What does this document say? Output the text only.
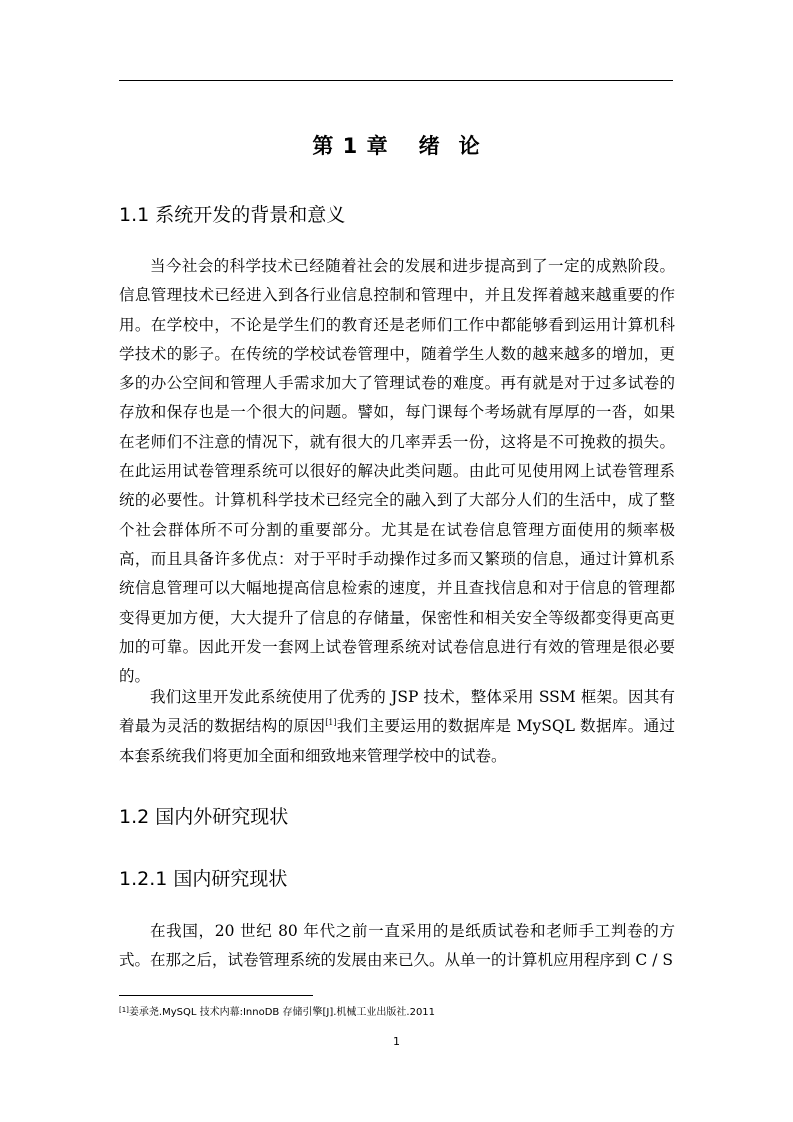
第 1 章 绪 论
1.1 系统开发的背景和意义

当今社会的科学技术已经随着社会的发展和进步提高到了一定的成熟阶段。信息管理技术已经进入到各行业信息控制和管理中，并且发挥着越来越重要的作用。在学校中，不论是学生们的教育还是老师们工作中都能够看到运用计算机科学技术的影子。在传统的学校试卷管理中，随着学生人数的越来越多的增加，更多的办公空间和管理人手需求加大了管理试卷的难度。再有就是对于过多试卷的存放和保存也是一个很大的问题。譬如，每门课每个考场就有厚厚的一沓，如果在老师们不注意的情况下，就有很大的几率弄丢一份，这将是不可挽救的损失。在此运用试卷管理系统可以很好的解决此类问题。由此可见使用网上试卷管理系统的必要性。计算机科学技术已经完全的融入到了大部分人们的生活中，成了整个社会群体所不可分割的重要部分。尤其是在试卷信息管理方面使用的频率极高，而且具备许多优点：对于平时手动操作过多而又繁琐的信息，通过计算机系统信息管理可以大幅地提高信息检索的速度，并且查找信息和对于信息的管理都变得更加方便，大大提升了信息的存储量，保密性和相关安全等级都变得更高更加的可靠。因此开发一套网上试卷管理系统对试卷信息进行有效的管理是很必要的。

我们这里开发此系统使用了优秀的 JSP 技术，整体采用 SSM 框架。因其有着最为灵活的数据结构的原因[1]我们主要运用的数据库是 MySQL 数据库。通过本套系统我们将更加全面和细致地来管理学校中的试卷。

1.2 国内外研究现状
1.2.1 国内研究现状

在我国，20 世纪 80 年代之前一直采用的是纸质试卷和老师手工判卷的方式。在那之后，试卷管理系统的发展由来已久。从单一的计算机应用程序到 C / S

[1]姜承尧.MySQL 技术内幕:InnoDB 存储引擎[J].机械工业出版社.2011

1
